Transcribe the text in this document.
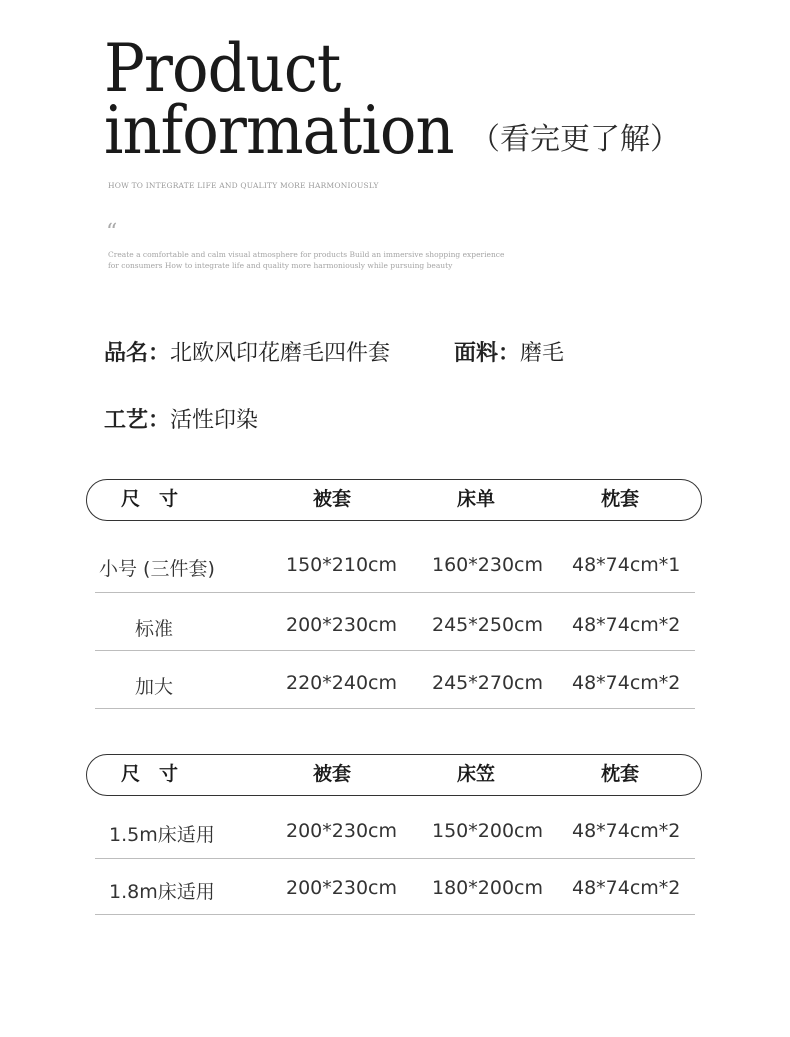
Product
information （看完更了解）
HOW TO INTEGRATE LIFE AND QUALITY MORE HARMONIOUSLY
“
Create a comfortable and calm visual atmosphere for products Build an immersive shopping experience for consumers How to integrate life and quality more harmoniously while pursuing beauty
品名：北欧风印花磨毛四件套	面料：磨毛
工艺：活性印染
尺　寸	被套	床单	枕套
小号 (三件套)	150*210cm 160*230cm 48*74cm*1
标准	200*230cm 245*250cm 48*74cm*2
加大	220*240cm 245*270cm 48*74cm*2
尺　寸	被套	床笠	枕套
1.5m床适用	200*230cm 150*200cm 48*74cm*2
1.8m床适用	200*230cm 180*200cm 48*74cm*2
